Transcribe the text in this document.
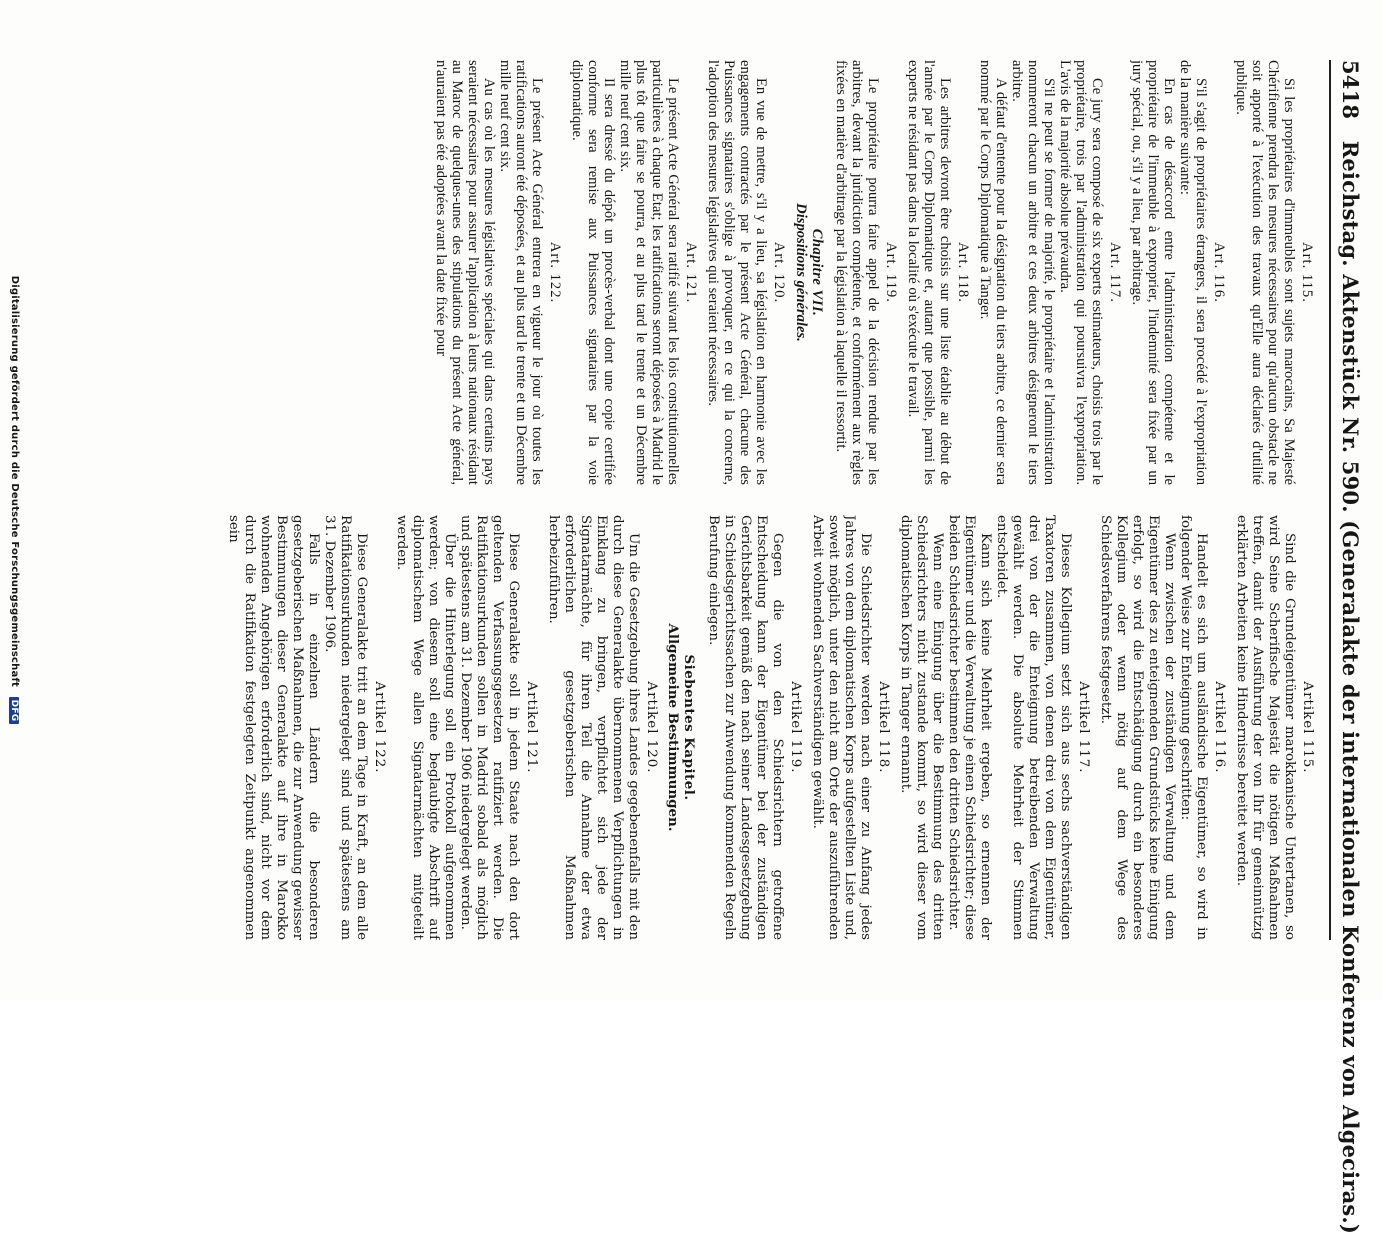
5418 Reichstag. Aktenstück Nr. 590. (Generalakte der internationalen Konferenz von Algeciras.)
Art. 115.

Si les propriétaires d'immeubles sont sujets marocains, Sa Majesté Chérifienne prendra les mesures nécessaires pour qu'aucun obstacle ne soit apporté à l'exécution des travaux qu'Elle aura déclarés d'utilité publique.

Art. 116.

S'il s'agit de propriétaires étrangers, il sera procédé à l'expropriation de la manière suivante:

En cas de désaccord entre l'administration compétente et le propriétaire de l'immeuble à exproprier, l'indemnité sera fixée par un jury spécial, ou, s'il y a lieu, par arbitrage.

Art. 117.

Ce jury sera composé de six experts estimateurs, choisis trois par le propriétaire, trois par l'administration qui poursuivra l'expropriation. L'avis de la majorité absolue prévaudra.

S'il ne peut se former de majorité, le propriétaire et l'administration nommeront chacun un arbitre et ces deux arbitres désigneront le tiers arbitre.

A défaut d'entente pour la désignation du tiers arbitre, ce dernier sera nommé par le Corps Diplomatique à Tanger.

Art. 118.

Les arbitres devront être choisis sur une liste établie au début de l'année par le Corps Diplomatique et, autant que possible, parmi les experts ne résidant pas dans la localité où s'exécute le travail.

Art. 119.

Le propriétaire pourra faire appel de la décision rendue par les arbitres, devant la juridiction compétente, et conformément aux règles fixées en matière d'arbitrage par la législation à laquelle il ressortit.

Chapitre VII.
Dispositions générales.
Art. 120.

En vue de mettre, s'il y a lieu, sa législation en harmonie avec les engagements contractés par le présent Acte Général, chacune des Puissances signataires s'oblige à provoquer, en ce qui la concerne, l'adoption des mesures législatives qui seraient nécessaires.

Art. 121.

Le présent Acte Général sera ratifié suivant les lois constitutionnelles particulières à chaque Etat; les ratifications seront déposées à Madrid le plus tôt que faire se pourra, et au plus tard le trente et un Décembre mille neuf cent six.

Il sera dressé du dépôt un procès-verbal dont une copie certifiée conforme sera remise aux Puissances signataires par la voie diplomatique.

Art. 122.

Le présent Acte Général entrera en vigueur le jour où toutes les ratifications auront été déposées, et au plus tard le trente et un Décembre mille neuf cent six.

Au cas où les mesures législatives spéciales qui dans certains pays seraient nécessaires pour assurer l'application à leurs nationaux résidant au Maroc de quelques-unes des stipulations du présent Acte général, n'auraient pas été adoptées avant la date fixée pour

Artikel 115.

Sind die Grundeigentümer marokkanische Untertanen, so wird Seine Scherifische Majestät die nötigen Maßnahmen treffen, damit der Ausführung der von Ihr für gemeinnützig erklärten Arbeiten keine Hindernisse bereitet werden.

Artikel 116.

Handelt es sich um ausländische Eigentümer, so wird in folgender Weise zur Enteignung geschritten:

Wenn zwischen der zuständigen Verwaltung und dem Eigentümer des zu enteignenden Grundstücks keine Einigung erfolgt, so wird die Entschädigung durch ein besonderes Kollegium oder wenn nötig auf dem Wege des Schiedsverfahrens festgesetzt.

Artikel 117.

Dieses Kollegium setzt sich aus sechs sachverständigen Taxatoren zusammen, von denen drei von dem Eigentümer, drei von der die Enteignung betreibenden Verwaltung gewählt werden. Die absolute Mehrheit der Stimmen entscheidet.

Kann sich keine Mehrheit ergeben, so ernennen der Eigentümer und die Verwaltung je einen Schiedsrichter; diese beiden Schiedsrichter bestimmen den dritten Schiedsrichter.

Wenn eine Einigung über die Bestimmung des dritten Schiedsrichters nicht zustande kommt, so wird dieser vom diplomatischen Korps in Tanger ernannt.

Artikel 118.

Die Schiedsrichter werden nach einer zu Anfang jedes Jahres von dem diplomatischen Korps aufgestellten Liste und, soweit möglich, unter den nicht am Orte der auszuführenden Arbeit wohnenden Sachverständigen gewählt.

Artikel 119.

Gegen die von den Schiedsrichtern getroffene Entscheidung kann der Eigentümer bei der zuständigen Gerichtsbarkeit gemäß den nach seiner Landesgesetzgebung in Schiedsgerichtssachen zur Anwendung kommenden Regeln Berufung einlegen.

Siebentes Kapitel.
Allgemeine Bestimmungen.
Artikel 120.

Um die Gesetzgebung ihres Landes gegebenenfalls mit den durch diese Generalakte übernommenen Verpflichtungen in Einklang zu bringen, verpflichtet sich jede der Signatarmächte, für ihren Teil die Annahme der etwa erforderlichen gesetzgeberischen Maßnahmen herbeizuführen.

Artikel 121.

Diese Generalakte soll in jedem Staate nach den dort geltenden Verfassungsgesetzen ratifiziert werden. Die Ratifikationsurkunden sollen in Madrid sobald als möglich und spätestens am 31. Dezember 1906 niedergelegt werden.

Über die Hinterlegung soll ein Protokoll aufgenommen werden; von diesem soll eine beglaubigte Abschrift auf diplomatischem Wege allen Signatarmächten mitgeteilt werden.

Artikel 122.

Diese Generalakte tritt an dem Tage in Kraft, an dem alle Ratifikationsurkunden niedergelegt sind und spätestens am 31. Dezember 1906.

Falls in einzelnen Ländern die besonderen gesetzgeberischen Maßnahmen, die zur Anwendung gewisser Bestimmungen dieser Generalakte auf ihre in Marokko wohnenden Angehörigen erforderlich sind, nicht vor dem durch die Ratifikation festgelegten Zeitpunkt angenommen sein

Digitalisierung gefördert durch die Deutsche Forschungsgemeinschaft DFG
